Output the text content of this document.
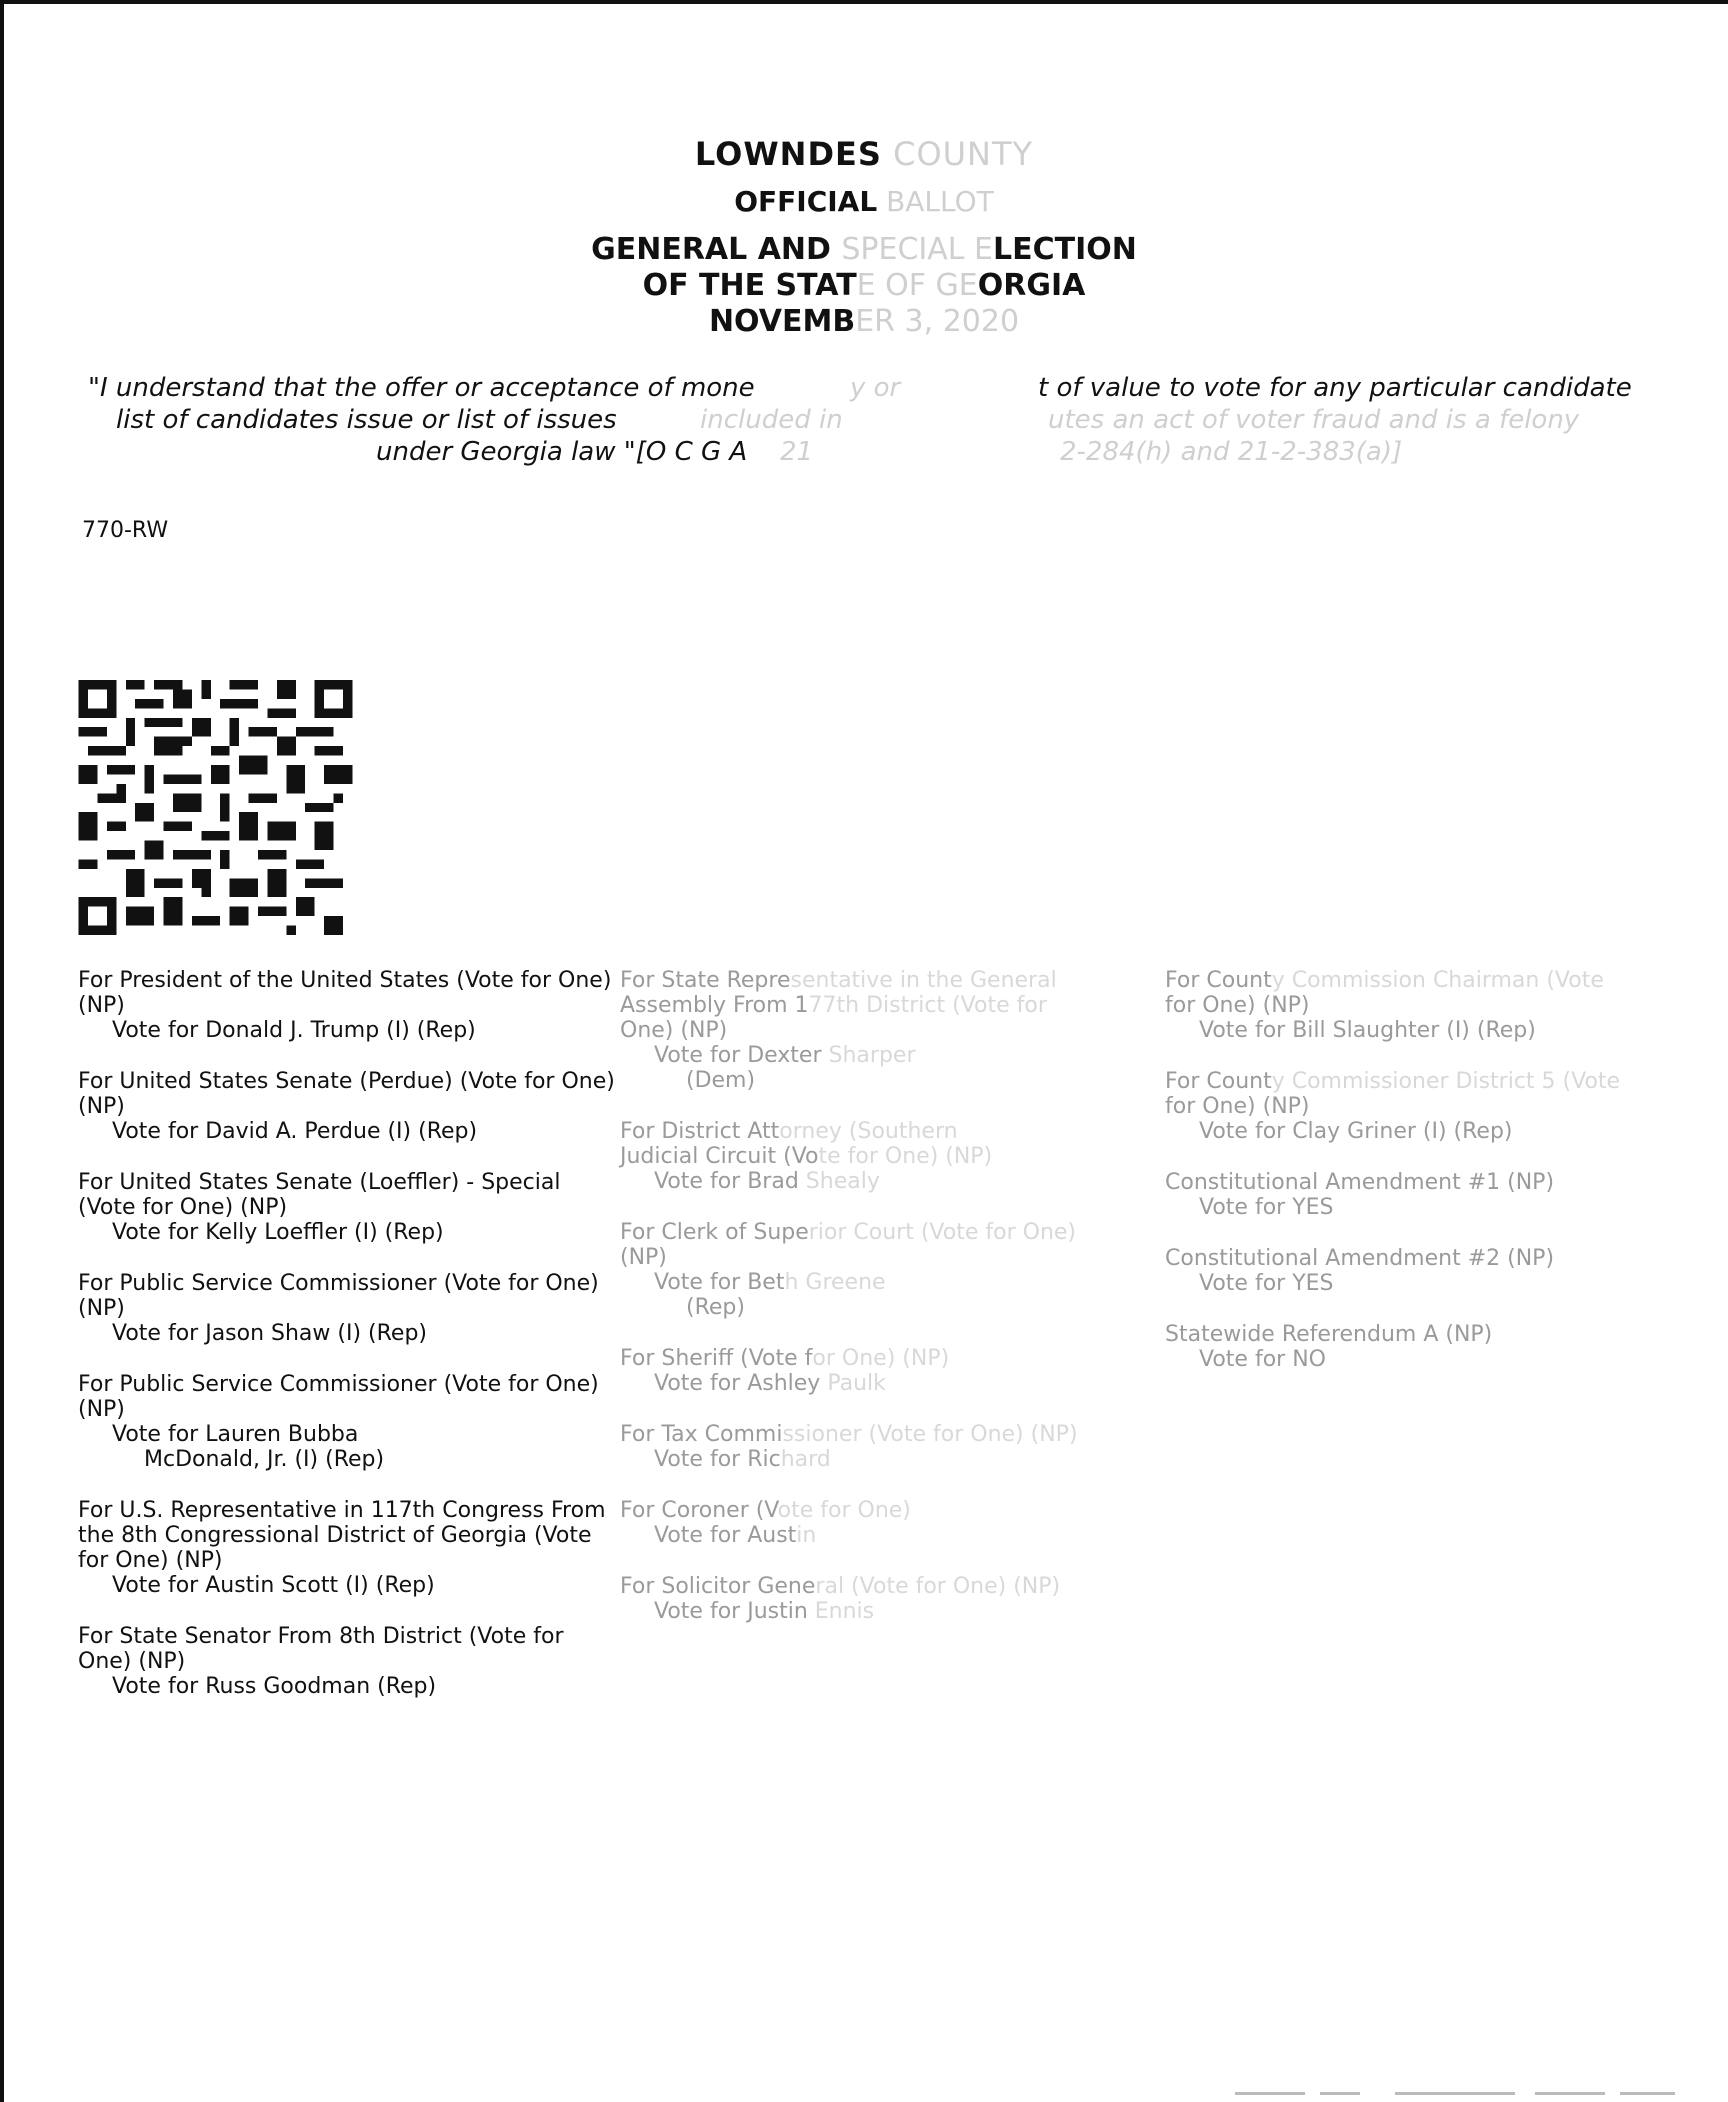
LOWNDES COUNTY
OFFICIAL BALLOT
GENERAL AND SPECIAL ELECTION
OF THE STATE OF GEORGIA
NOVEMBER 3, 2020
"I understand that the offer or acceptance of mone	y or	t of value to vote for any particular candidate
list of candidates issue or list of issues	included in	utes an act of voter fraud and is a felony
under Georgia law "[O C G A 21	2-284(h) and 21-2-383(a)]
770-RW
For President of the United States (Vote for One) (NP)
Vote for Donald J. Trump (I) (Rep)
For United States Senate (Perdue) (Vote for One) (NP)
Vote for David A. Perdue (I) (Rep)
For United States Senate (Loeffler) - Special (Vote for One) (NP)
Vote for Kelly Loeffler (I) (Rep)
For Public Service Commissioner (Vote for One) (NP)
Vote for Jason Shaw (I) (Rep)
For Public Service Commissioner (Vote for One) (NP)
Vote for Lauren Bubba
McDonald, Jr. (I) (Rep)
For U.S. Representative in 117th Congress From the 8th Congressional District of Georgia (Vote for One) (NP)
Vote for Austin Scott (I) (Rep)
For State Senator From 8th District (Vote for One) (NP)
Vote for Russ Goodman (Rep)
For State Representative in the General
Assembly From 177th District (Vote for
One) (NP)
Vote for Dexter Sharper
(Dem)
For District Attorney (Southern
Judicial Circuit (Vote for One) (NP)
Vote for Brad Shealy
For Clerk of Superior Court (Vote for One)
(NP)
Vote for Beth Greene
(Rep)
For Sheriff (Vote for One) (NP)
Vote for Ashley Paulk
For Tax Commissioner (Vote for One) (NP)
Vote for Richard
For Coroner (Vote for One)
Vote for Austin
For Solicitor General (Vote for One) (NP)
Vote for Justin Ennis
For County Commission Chairman (Vote
for One) (NP)
Vote for Bill Slaughter (I) (Rep)
For County Commissioner District 5 (Vote
for One) (NP)
Vote for Clay Griner (I) (Rep)
Constitutional Amendment #1 (NP)
Vote for YES
Constitutional Amendment #2 (NP)
Vote for YES
Statewide Referendum A (NP)
Vote for NO
